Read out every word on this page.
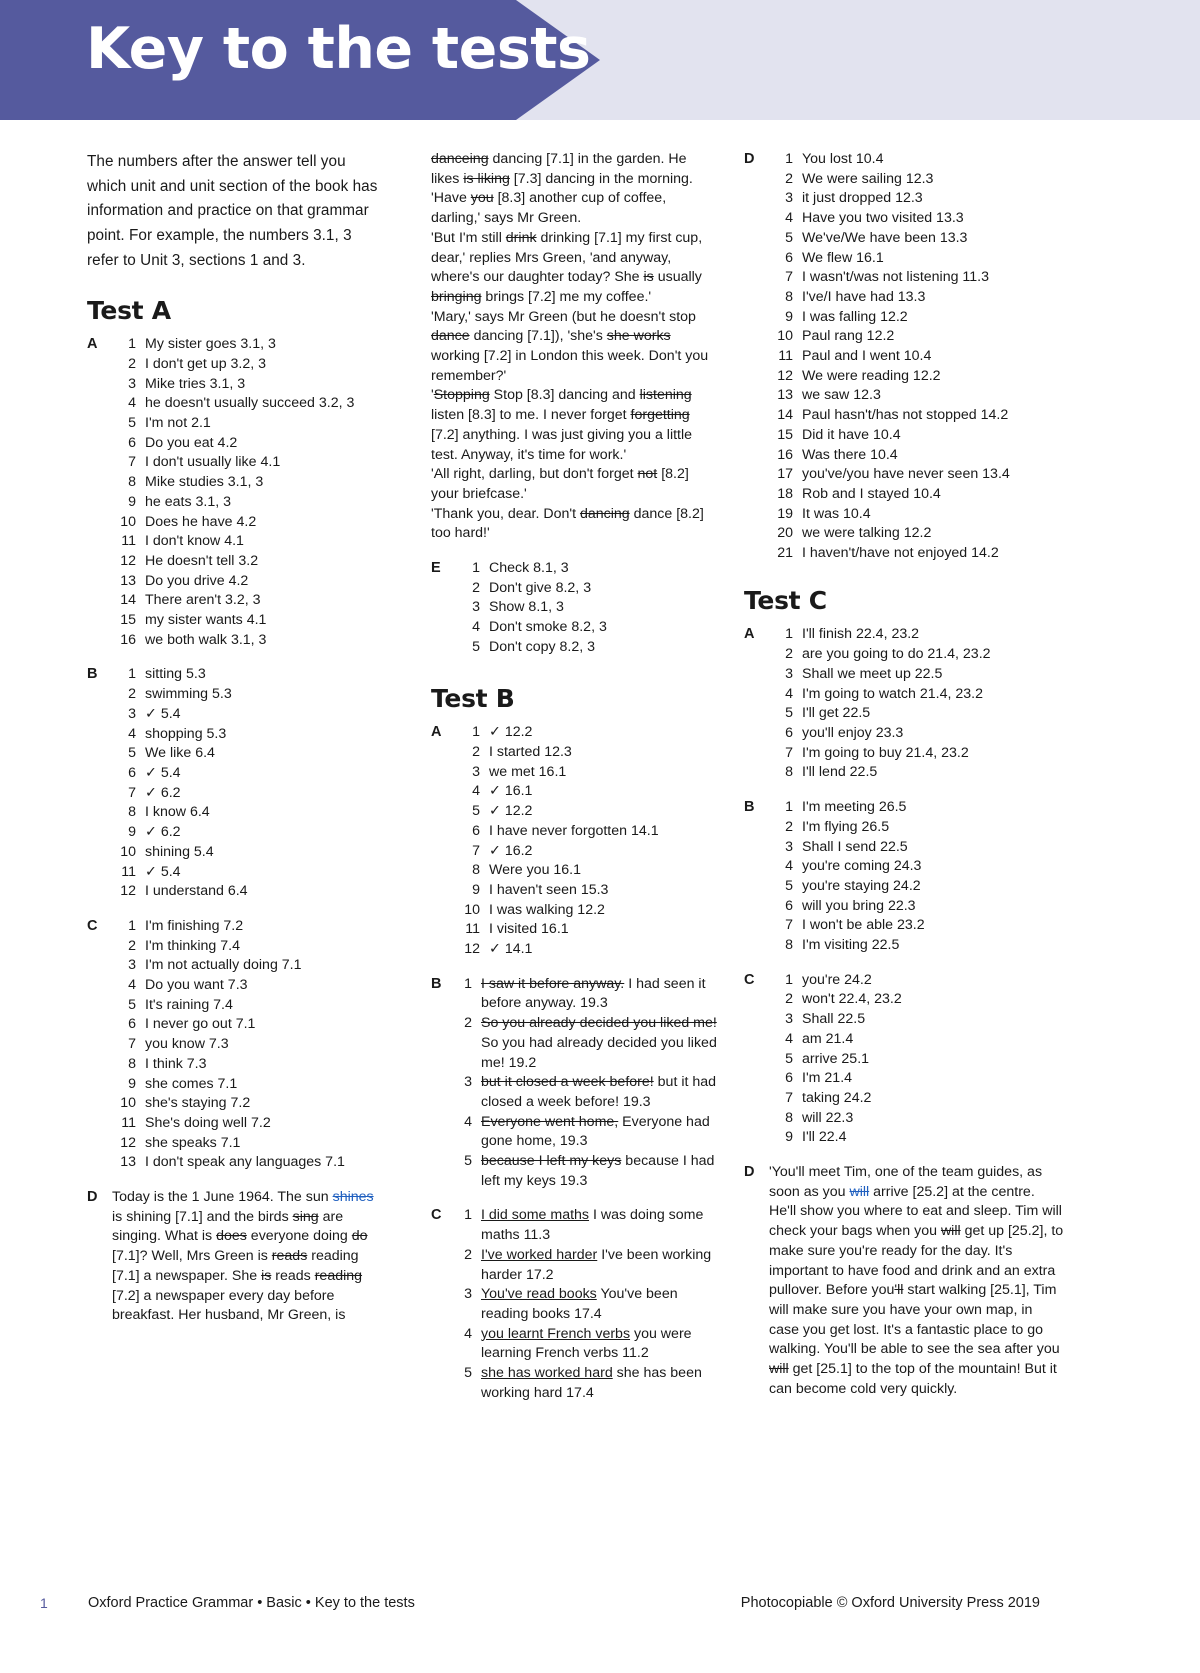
Key to the tests

The numbers after the answer tell you which unit and unit section of the book has information and practice on that grammar point. For example, the numbers 3.1, 3 refer to Unit 3, sections 1 and 3.

Test A
A	1 My sister goes 3.1, 3
2 I don't get up 3.2, 3
3 Mike tries 3.1, 3
4 he doesn't usually succeed 3.2, 3
5 I'm not 2.1
6 Do you eat 4.2
7 I don't usually like 4.1
8 Mike studies 3.1, 3
9 he eats 3.1, 3
10 Does he have 4.2
11 I don't know 4.1
12 He doesn't tell 3.2
13 Do you drive 4.2
14 There aren't 3.2, 3
15 my sister wants 4.1
16 we both walk 3.1, 3
B	1 sitting 5.3
2 swimming 5.3
3 ✓ 5.4
4 shopping 5.3
5 We like 6.4
6 ✓ 5.4
7 ✓ 6.2
8 I know 6.4
9 ✓ 6.2
10 shining 5.4
11 ✓ 5.4
12 I understand 6.4
C	1 I'm finishing 7.2
2 I'm thinking 7.4
3 I'm not actually doing 7.1
4 Do you want 7.3
5 It's raining 7.4
6 I never go out 7.1
7 you know 7.3
8 I think 7.3
9 she comes 7.1
10 she's staying 7.2
11 She's doing well 7.2
12 she speaks 7.1
13 I don't speak any languages 7.1
D	Today is the 1 June 1964. The sun shines is shining [7.1] and the birds sing are singing. What is does everyone doing do [7.1]? Well, Mrs Green is reads reading [7.1] a newspaper. She is reads reading [7.2] a newspaper every day before breakfast. Her husband, Mr Green, is

danceing dancing [7.1] in the garden. He likes is liking [7.3] dancing in the morning.

'Have you [8.3] another cup of coffee, darling,' says Mr Green.

'But I'm still drink drinking [7.1] my first cup, dear,' replies Mrs Green, 'and anyway, where's our daughter today? She is usually bringing brings [7.2] me my coffee.'

'Mary,' says Mr Green (but he doesn't stop dance dancing [7.1]), 'she's she works working [7.2] in London this week. Don't you remember?'

'Stopping Stop [8.3] dancing and listening listen [8.3] to me. I never forget forgetting [7.2] anything. I was just giving you a little test. Anyway, it's time for work.'

'All right, darling, but don't forget not [8.2] your briefcase.'

'Thank you, dear. Don't dancing dance [8.2] too hard!'

E	1 Check 8.1, 3
2 Don't give 8.2, 3
3 Show 8.1, 3
4 Don't smoke 8.2, 3
5 Don't copy 8.2, 3
Test B
A	1 ✓ 12.2
2 I started 12.3
3 we met 16.1
4 ✓ 16.1
5 ✓ 12.2
6 I have never forgotten 14.1
7 ✓ 16.2
8 Were you 16.1
9 I haven't seen 15.3
10 I was walking 12.2
11 I visited 16.1
12 ✓ 14.1
B	1 I saw it before anyway. I had seen it before anyway. 19.3
2 So you already decided you liked me! So you had already decided you liked me! 19.2
3 but it closed a week before! but it had closed a week before! 19.3
4 Everyone went home, Everyone had gone home, 19.3
5 because I left my keys because I had left my keys 19.3
C	1 I did some maths I was doing some maths 11.3
2 I've worked harder I've been working harder 17.2
3 You've read books You've been reading books 17.4
4 you learnt French verbs you were learning French verbs 11.2
5 she has worked hard she has been working hard 17.4
D	1 You lost 10.4
2 We were sailing 12.3
3 it just dropped 12.3
4 Have you two visited 13.3
5 We've/We have been 13.3
6 We flew 16.1
7 I wasn't/was not listening 11.3
8 I've/I have had 13.3
9 I was falling 12.2
10 Paul rang 12.2
11 Paul and I went 10.4
12 We were reading 12.2
13 we saw 12.3
14 Paul hasn't/has not stopped 14.2
15 Did it have 10.4
16 Was there 10.4
17 you've/you have never seen 13.4
18 Rob and I stayed 10.4
19 It was 10.4
20 we were talking 12.2
21 I haven't/have not enjoyed 14.2
Test C
A	1 I'll finish 22.4, 23.2
2 are you going to do 21.4, 23.2
3 Shall we meet up 22.5
4 I'm going to watch 21.4, 23.2
5 I'll get 22.5
6 you'll enjoy 23.3
7 I'm going to buy 21.4, 23.2
8 I'll lend 22.5
B	1 I'm meeting 26.5
2 I'm flying 26.5
3 Shall I send 22.5
4 you're coming 24.3
5 you're staying 24.2
6 will you bring 22.3
7 I won't be able 23.2
8 I'm visiting 22.5
C	1 you're 24.2
2 won't 22.4, 23.2
3 Shall 22.5
4 am 21.4
5 arrive 25.1
6 I'm 21.4
7 taking 24.2
8 will 22.3
9 I'll 22.4
D	'You'll meet Tim, one of the team guides, as soon as you will arrive [25.2] at the centre. He'll show you where to eat and sleep. Tim will check your bags when you will get up [25.2], to make sure you're ready for the day. It's important to have food and drink and an extra pullover. Before you'll start walking [25.1], Tim will make sure you have your own map, in case you get lost. It's a fantastic place to go walking. You'll be able to see the sea after you will get [25.1] to the top of the mountain! But it can become cold very quickly.

1	Oxford Practice Grammar • Basic • Key to the tests	Photocopiable © Oxford University Press 2019
